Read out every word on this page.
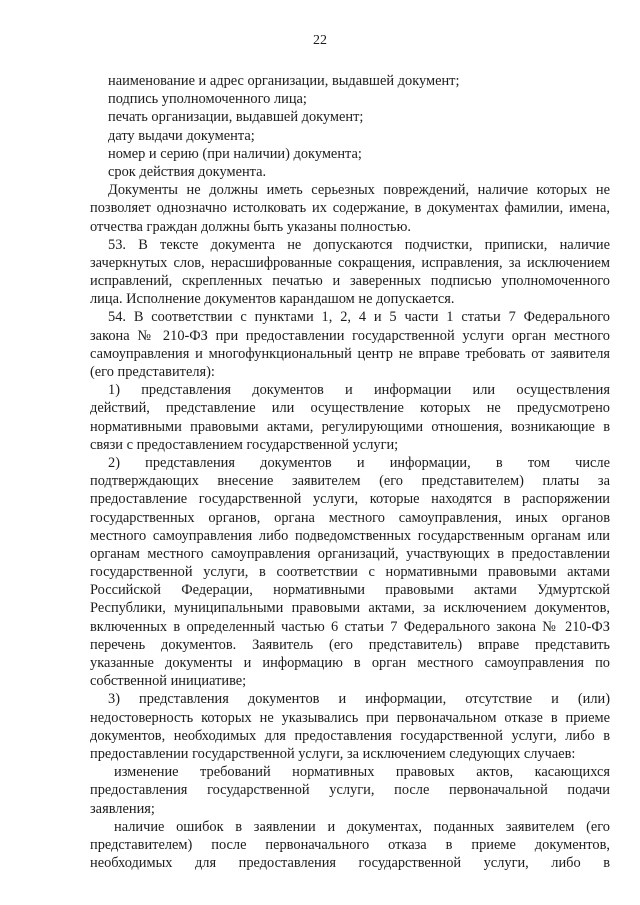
22
наименование и адрес организации, выдавшей документ;
подпись уполномоченного лица;
печать организации, выдавшей документ;
дату выдачи документа;
номер и серию (при наличии) документа;
срок действия документа.
Документы не должны иметь серьезных повреждений, наличие которых не
позволяет однозначно истолковать их содержание, в документах фамилии, имена,
отчества граждан должны быть указаны полностью.
53. В тексте документа не допускаются подчистки, приписки, наличие
зачеркнутых слов, нерасшифрованные сокращения, исправления, за исключением
исправлений, скрепленных печатью и заверенных подписью уполномоченного
лица. Исполнение документов карандашом не допускается.
54. В соответствии с пунктами 1, 2, 4 и 5 части 1 статьи 7 Федерального
закона № 210-ФЗ при предоставлении государственной услуги орган местного
самоуправления и многофункциональный центр не вправе требовать от заявителя
(его представителя):
1) представления документов и информации или осуществления
действий, представление или осуществление которых не предусмотрено
нормативными правовыми актами, регулирующими отношения, возникающие в
связи с предоставлением государственной услуги;
2) представления документов и информации, в том числе
подтверждающих внесение заявителем (его представителем) платы за
предоставление государственной услуги, которые находятся в распоряжении
государственных органов, органа местного самоуправления, иных органов
местного самоуправления либо подведомственных государственным органам или
органам местного самоуправления организаций, участвующих в предоставлении
государственной услуги, в соответствии с нормативными правовыми актами
Российской Федерации, нормативными правовыми актами Удмуртской
Республики, муниципальными правовыми актами, за исключением документов,
включенных в определенный частью 6 статьи 7 Федерального закона № 210-ФЗ
перечень документов. Заявитель (его представитель) вправе представить
указанные документы и информацию в орган местного самоуправления по
собственной инициативе;
3) представления документов и информации, отсутствие и (или)
недостоверность которых не указывались при первоначальном отказе в приеме
документов, необходимых для предоставления государственной услуги, либо в
предоставлении государственной услуги, за исключением следующих случаев:
изменение требований нормативных правовых актов, касающихся
предоставления государственной услуги, после первоначальной подачи
заявления;
наличие ошибок в заявлении и документах, поданных заявителем (его
представителем) после первоначального отказа в приеме документов,
необходимых для предоставления государственной услуги, либо в
